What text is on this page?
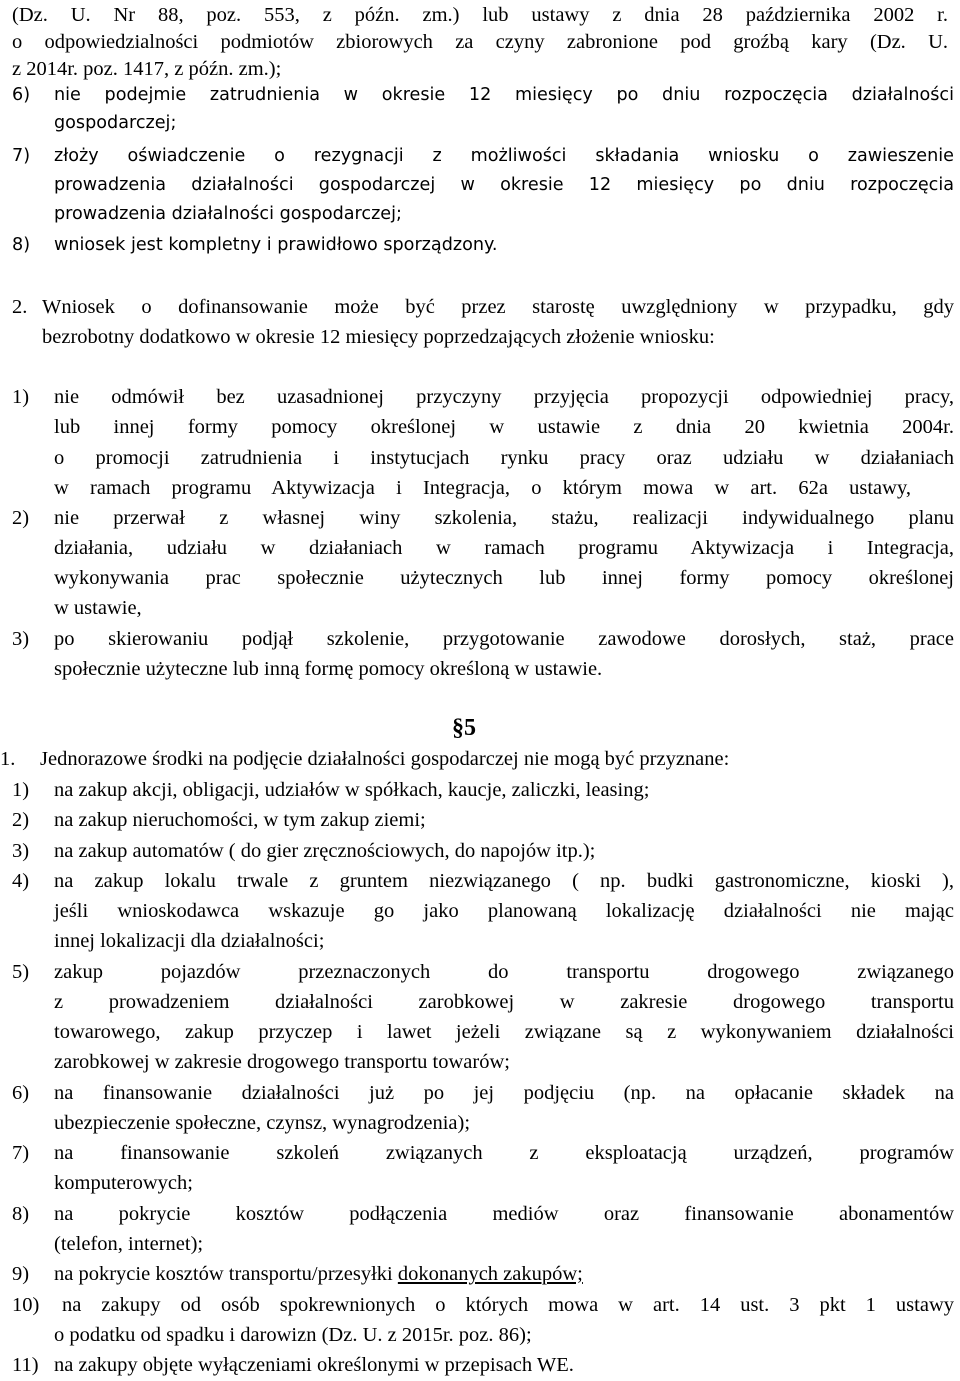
(Dz. U. Nr 88, poz. 553, z późn. zm.) lub ustawy z dnia 28 października 2002 r.
o odpowiedzialności podmiotów zbiorowych za czyny zabronione pod groźbą kary (Dz. U.
z 2014r. poz. 1417, z późn. zm.);
6) nie podejmie zatrudnienia w okresie 12 miesięcy po dniu rozpoczęcia działalności
gospodarczej;
7) złoży oświadczenie o rezygnacji z możliwości składania wniosku o zawieszenie
prowadzenia działalności gospodarczej w okresie 12 miesięcy po dniu rozpoczęcia
prowadzenia działalności gospodarczej;
8) wniosek jest kompletny i prawidłowo sporządzony.
2. Wniosek o dofinansowanie może być przez starostę uwzględniony w przypadku, gdy
bezrobotny dodatkowo w okresie 12 miesięcy poprzedzających złożenie wniosku:
1) nie odmówił bez uzasadnionej przyczyny przyjęcia propozycji odpowiedniej pracy,
lub innej formy pomocy określonej w ustawie z dnia 20 kwietnia 2004r.
o promocji zatrudnienia i instytucjach rynku pracy oraz udziału w działaniach
w ramach programu Aktywizacja i Integracja, o którym mowa w art. 62a ustawy,
2) nie przerwał z własnej winy szkolenia, stażu, realizacji indywidualnego planu
działania, udziału w działaniach w ramach programu Aktywizacja i Integracja,
wykonywania prac społecznie użytecznych lub innej formy pomocy określonej
w ustawie,
3) po skierowaniu podjął szkolenie, przygotowanie zawodowe dorosłych, staż, prace
społecznie użyteczne lub inną formę pomocy określoną w ustawie.
§5
1. Jednorazowe środki na podjęcie działalności gospodarczej nie mogą być przyznane:
1) na zakup akcji, obligacji, udziałów w spółkach, kaucje, zaliczki, leasing;
2) na zakup nieruchomości, w tym zakup ziemi;
3) na zakup automatów ( do gier zręcznościowych, do napojów itp.);
4) na zakup lokalu trwale z gruntem niezwiązanego ( np. budki gastronomiczne, kioski ),
jeśli wnioskodawca wskazuje go jako planowaną lokalizację działalności nie mając
innej lokalizacji dla działalności;
5) zakup pojazdów przeznaczonych do transportu drogowego związanego
z prowadzeniem działalności zarobkowej w zakresie drogowego transportu
towarowego, zakup przyczep i lawet jeżeli związane są z wykonywaniem działalności
zarobkowej w zakresie drogowego transportu towarów;
6) na finansowanie działalności już po jej podjęciu (np. na opłacanie składek na
ubezpieczenie społeczne, czynsz, wynagrodzenia);
7) na finansowanie szkoleń związanych z eksploatacją urządzeń, programów
komputerowych;
8) na pokrycie kosztów podłączenia mediów oraz finansowanie abonamentów
(telefon, internet);
9) na pokrycie kosztów transportu/przesyłki dokonanych zakupów;
10) na zakupy od osób spokrewnionych o których mowa w art. 14 ust. 3 pkt 1 ustawy
o podatku od spadku i darowizn (Dz. U. z 2015r. poz. 86);
11) na zakupy objęte wyłączeniami określonymi w przepisach WE.
